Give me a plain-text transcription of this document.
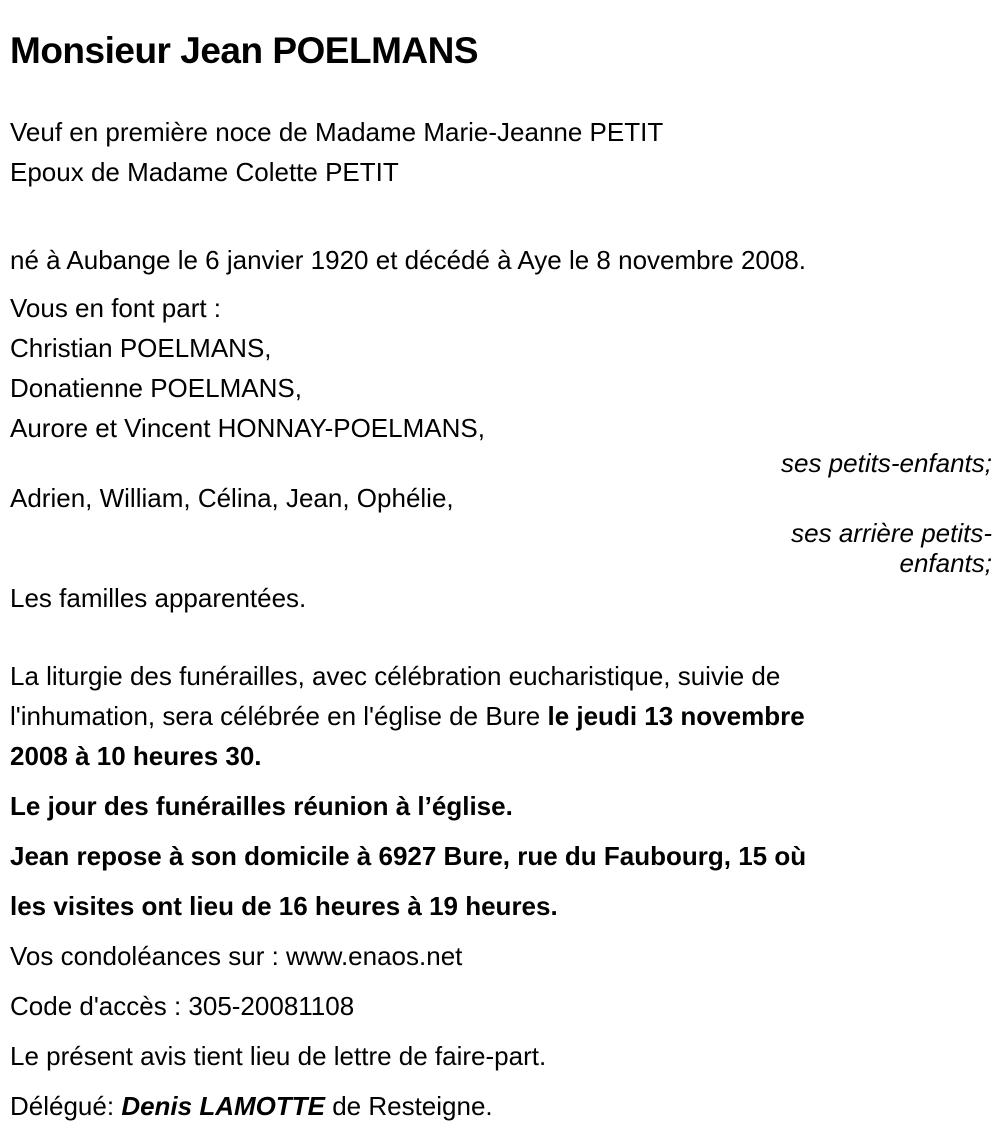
Monsieur Jean POELMANS
Veuf en première noce de Madame Marie-Jeanne PETIT
Epoux de Madame Colette PETIT
né à Aubange le 6 janvier 1920 et décédé à Aye le 8 novembre 2008.
Vous en font part :
Christian POELMANS,
Donatienne POELMANS,
Aurore et Vincent HONNAY-POELMANS,
ses petits-enfants;
Adrien, William, Célina, Jean, Ophélie,
ses arrière petits-
enfants;
Les familles apparentées.
La liturgie des funérailles, avec célébration eucharistique, suivie de
l'inhumation, sera célébrée en l'église de Bure le jeudi 13 novembre
2008 à 10 heures 30.
Le jour des funérailles réunion à l’église.
Jean repose à son domicile à 6927 Bure, rue du Faubourg, 15 où
les visites ont lieu de 16 heures à 19 heures.
Vos condoléances sur : www.enaos.net
Code d'accès : 305-20081108
Le présent avis tient lieu de lettre de faire-part.
Délégué: Denis LAMOTTE de Resteigne.
